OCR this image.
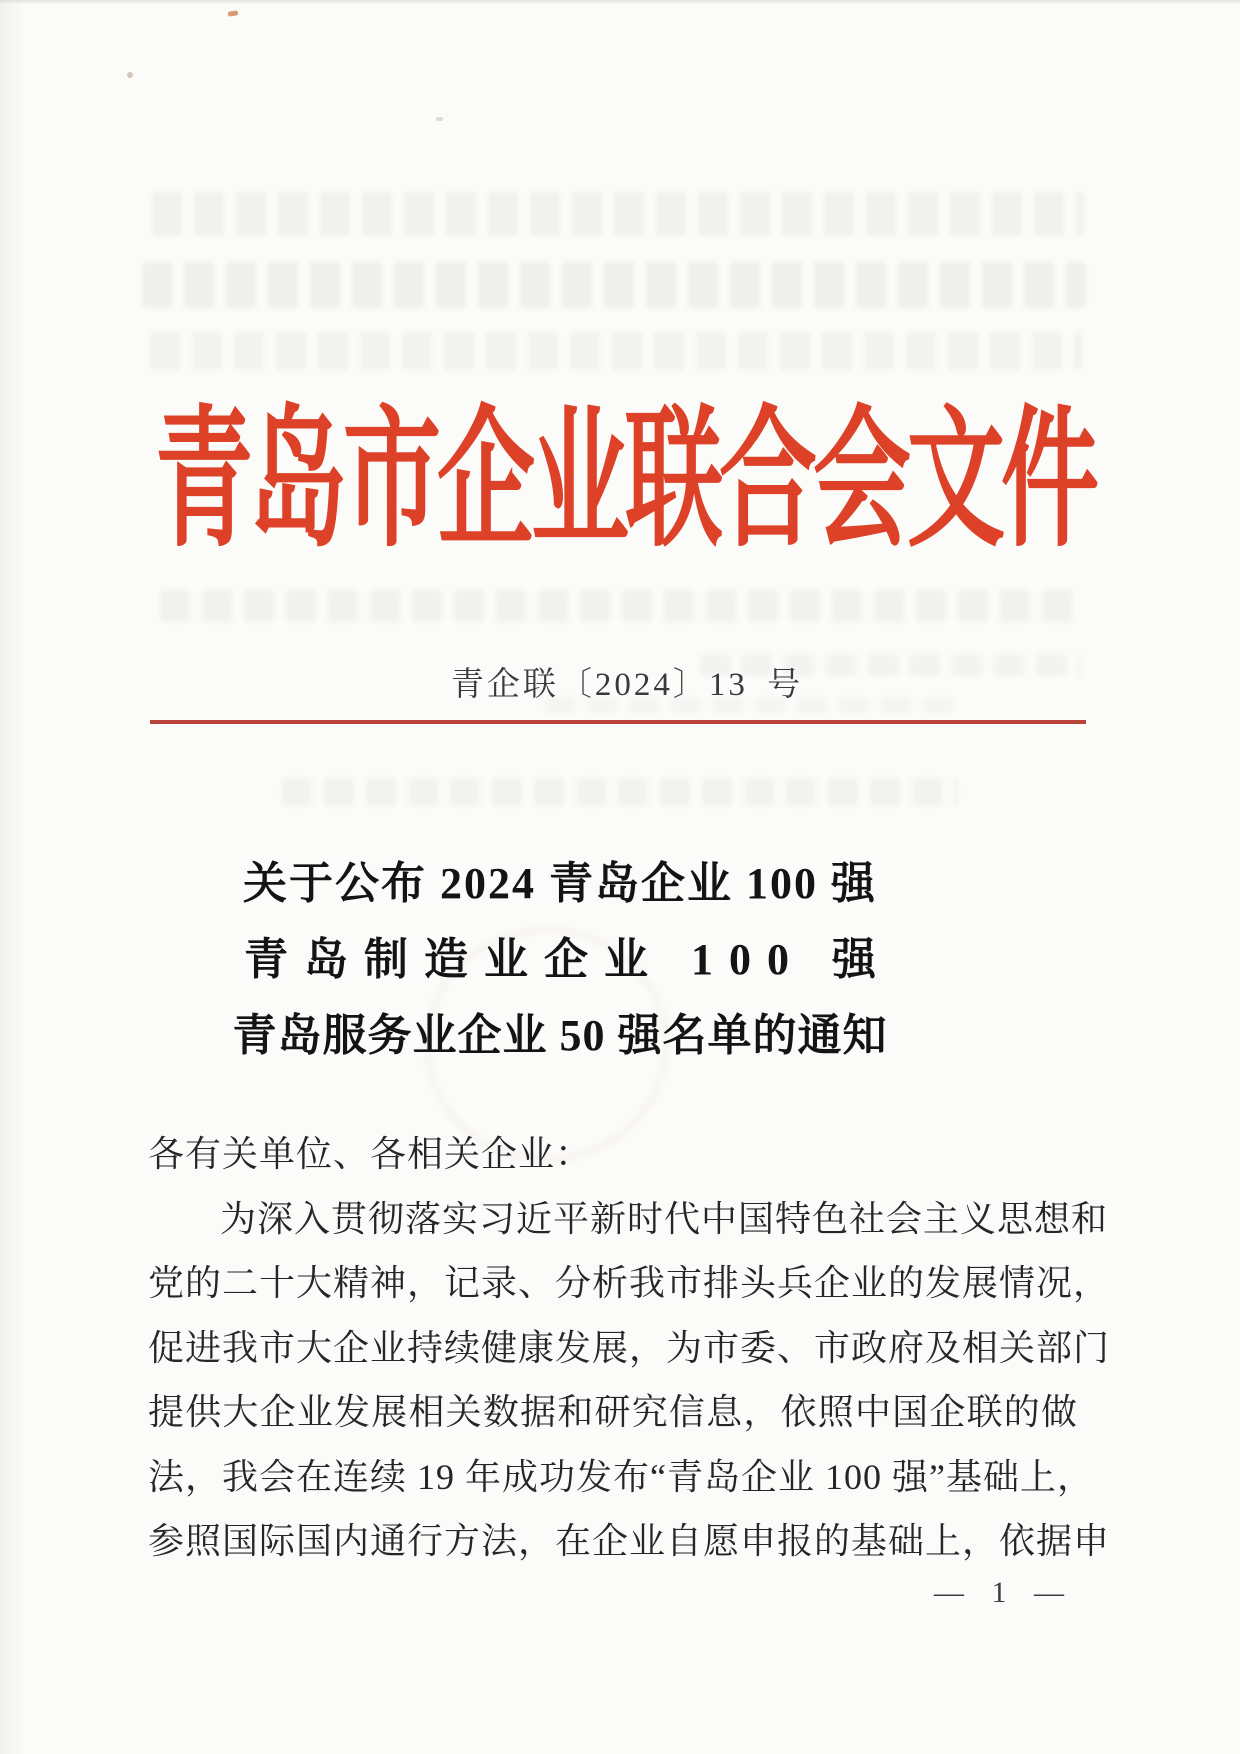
青岛市企业联合会文件
青企联〔2024〕13 号
关于公布 2024 青岛企业 100 强
青岛制造业企业 100 强
青岛服务业企业 50 强名单的通知
各有关单位、各相关企业：
为深入贯彻落实习近平新时代中国特色社会主义思想和
党的二十大精神，记录、分析我市排头兵企业的发展情况，
促进我市大企业持续健康发展，为市委、市政府及相关部门
提供大企业发展相关数据和研究信息，依照中国企联的做
法，我会在连续 19 年成功发布“青岛企业 100 强”基础上，
参照国际国内通行方法，在企业自愿申报的基础上，依据申
— 1 —
